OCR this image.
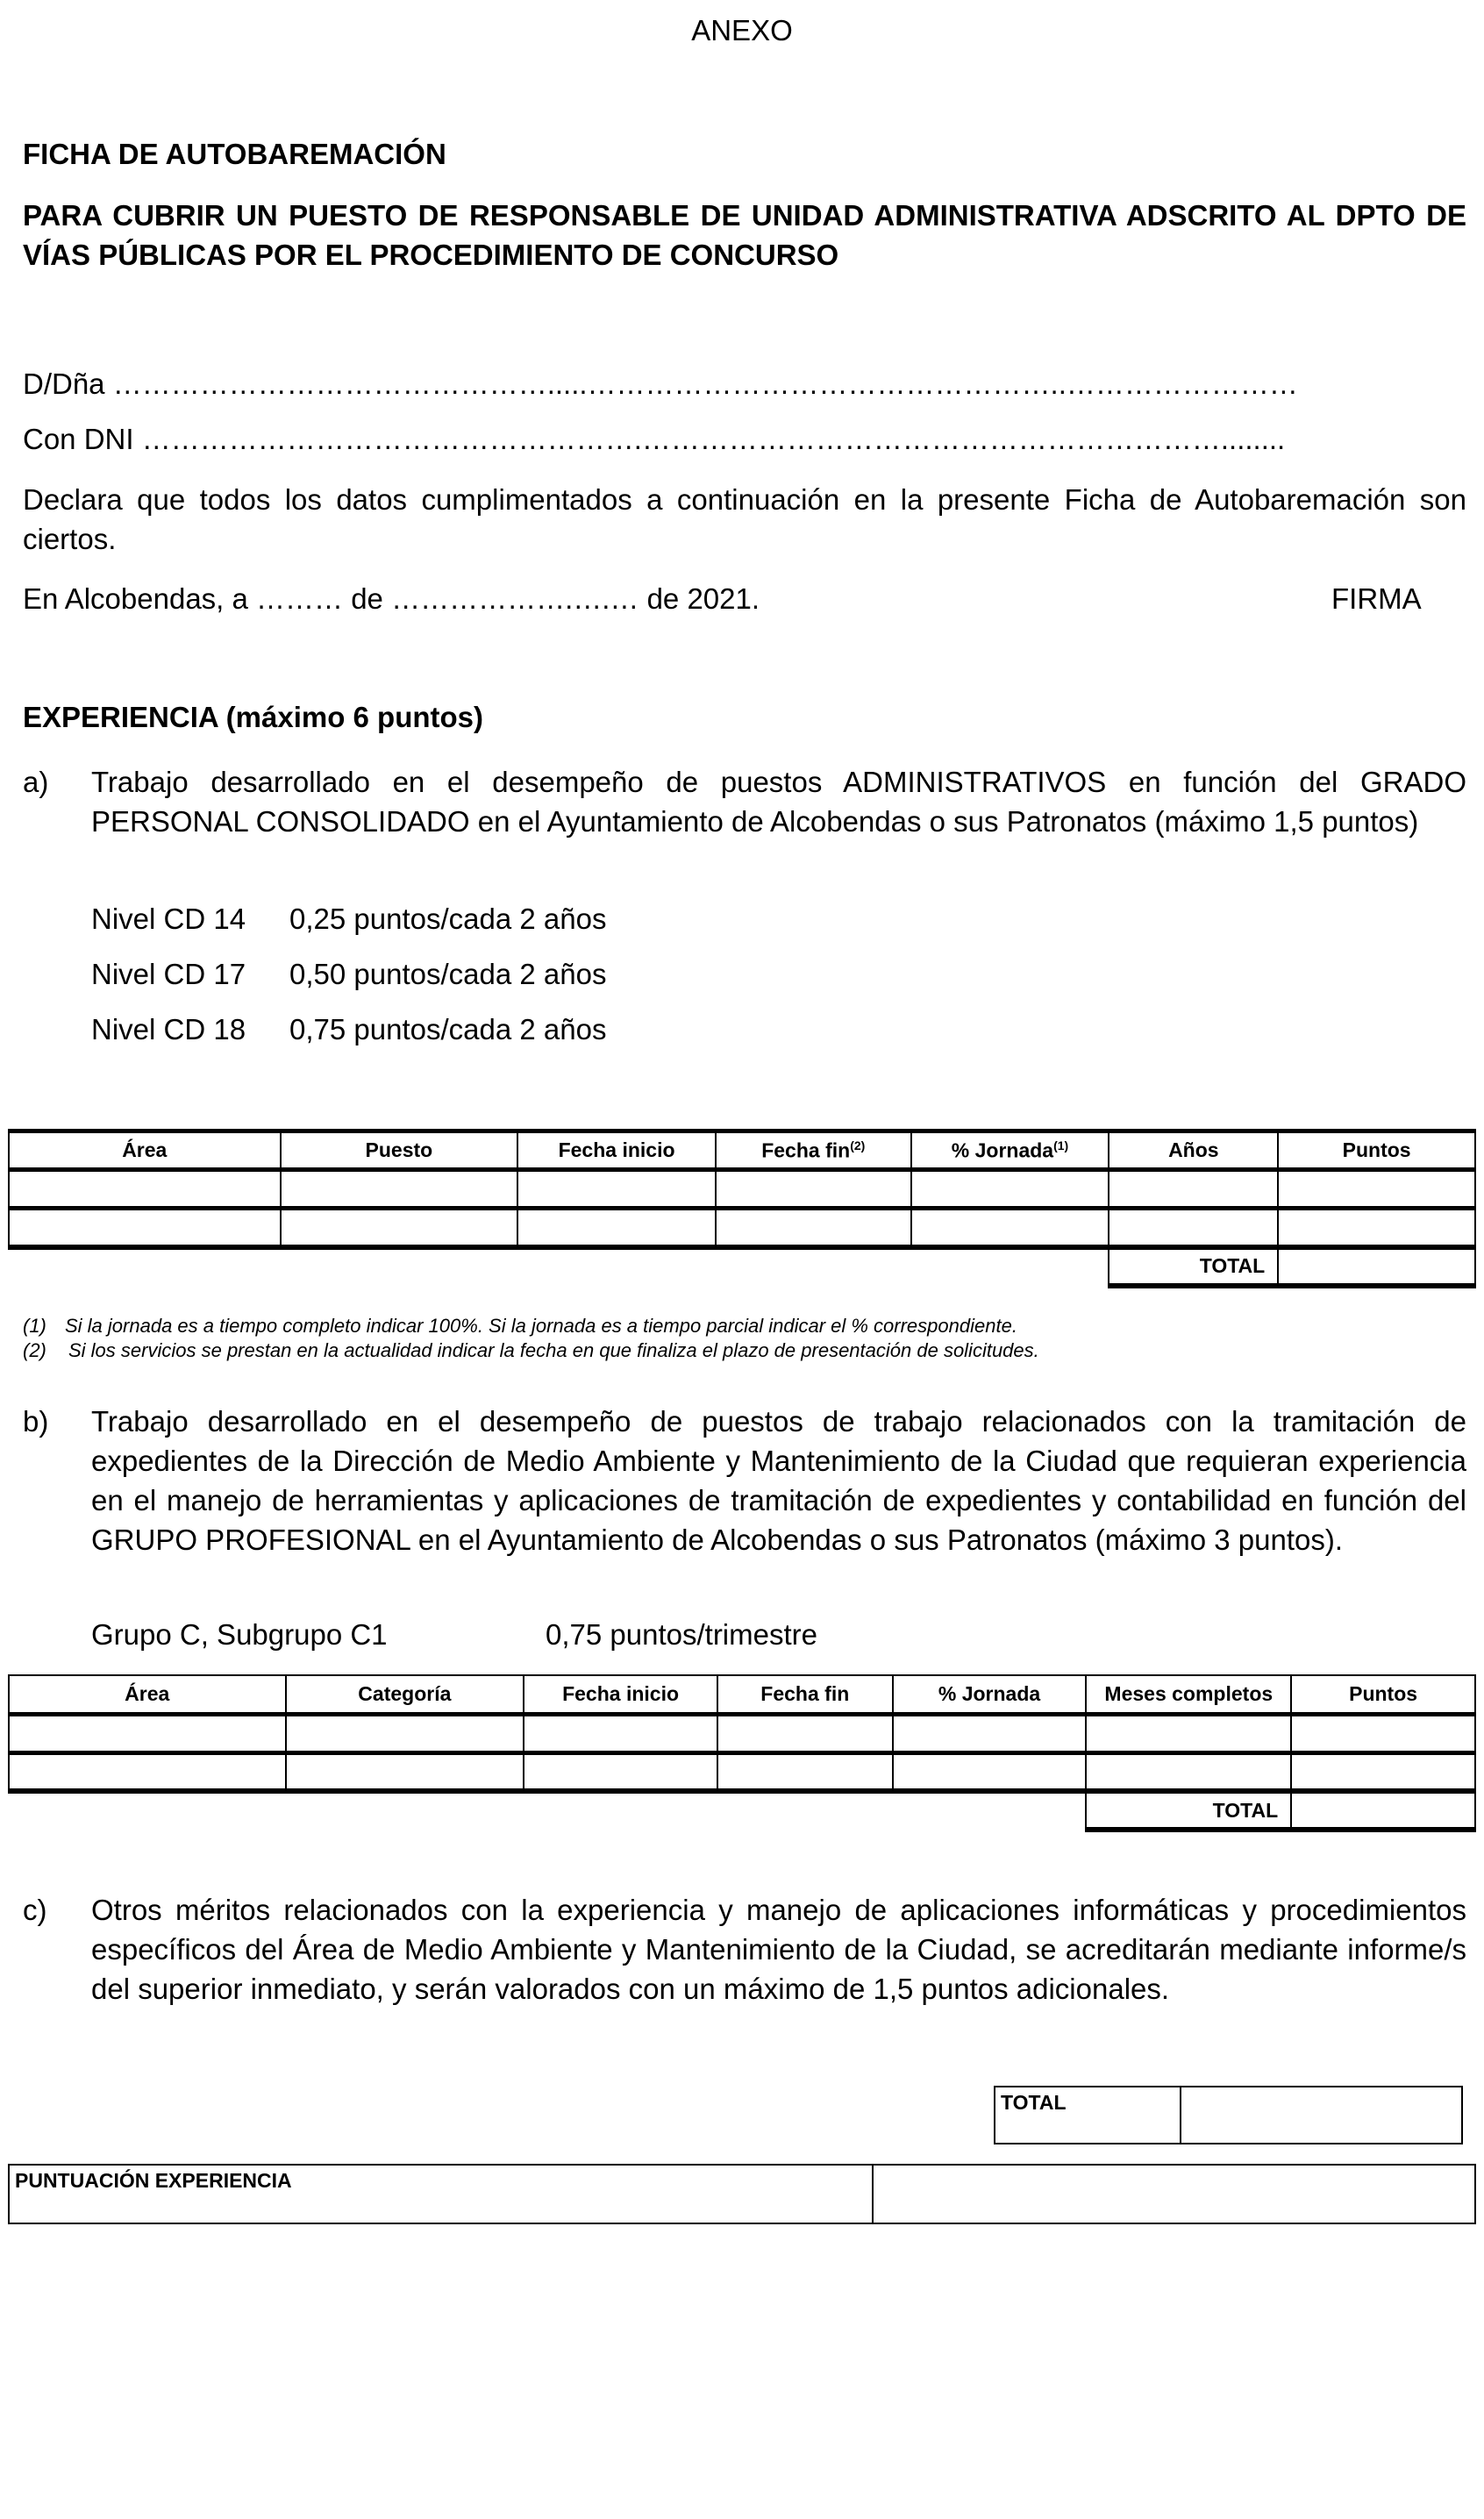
ANEXO
FICHA DE AUTOBAREMACIÓN
PARA CUBRIR UN PUESTO DE RESPONSABLE DE UNIDAD ADMINISTRATIVA ADSCRITO AL DPTO DE VÍAS PÚBLICAS POR EL PROCEDIMIENTO DE CONCURSO
D/Dña ……………………………………….....…………………………………………..……………………
Con DNI …………………………………………….……………………………………………………........
Declara que todos los datos cumplimentados a continuación en la presente Ficha de Autobaremación son ciertos.
En Alcobendas, a ……… de ……………….….… de 2021.	FIRMA
EXPERIENCIA (máximo 6 puntos)
a) Trabajo desarrollado en el desempeño de puestos ADMINISTRATIVOS en función del GRADO PERSONAL CONSOLIDADO en el Ayuntamiento de Alcobendas o sus Patronatos (máximo 1,5 puntos)
Nivel CD 14 0,25 puntos/cada 2 años
Nivel CD 17 0,50 puntos/cada 2 años
Nivel CD 18 0,75 puntos/cada 2 años
Área	Puesto	Fecha inicio	Fecha fin$^{(2)}$	% Jornada$^{(1)}$	Años	Puntos

					TOTAL	
(1) Si la jornada es a tiempo completo indicar 100%. Si la jornada es a tiempo parcial indicar el % correspondiente.
(2) Si los servicios se prestan en la actualidad indicar la fecha en que finaliza el plazo de presentación de solicitudes.
b) Trabajo desarrollado en el desempeño de puestos de trabajo relacionados con la tramitación de expedientes de la Dirección de Medio Ambiente y Mantenimiento de la Ciudad que requieran experiencia en el manejo de herramientas y aplicaciones de tramitación de expedientes y contabilidad en función del GRUPO PROFESIONAL en el Ayuntamiento de Alcobendas o sus Patronatos (máximo 3 puntos).
Grupo C, Subgrupo C1	0,75 puntos/trimestre
Área	Categoría	Fecha inicio	Fecha fin	% Jornada	Meses completos	Puntos

					TOTAL	
c) Otros méritos relacionados con la experiencia y manejo de aplicaciones informáticas y procedimientos específicos del Área de Medio Ambiente y Mantenimiento de la Ciudad, se acreditarán mediante informe/s del superior inmediato, y serán valorados con un máximo de 1,5 puntos adicionales.
TOTAL
PUNTUACIÓN EXPERIENCIA
